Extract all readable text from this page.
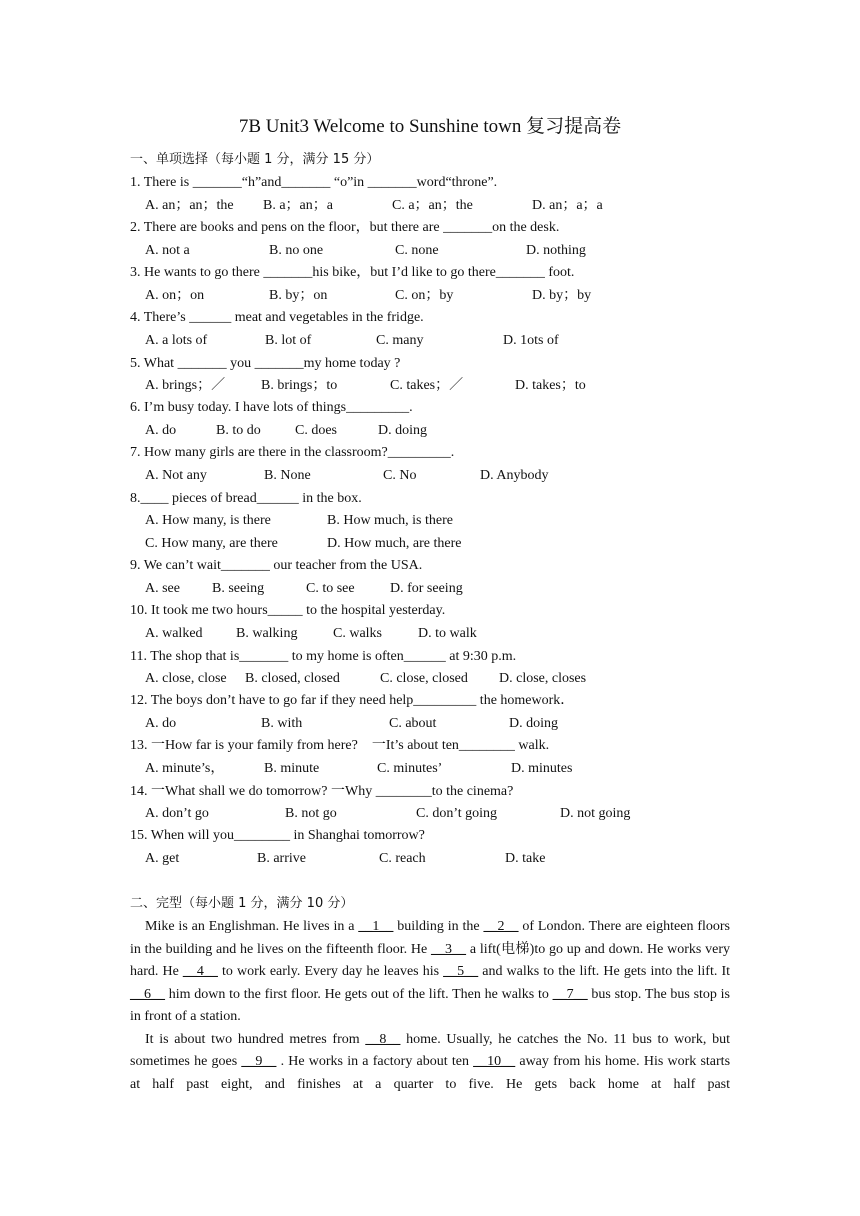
7B Unit3 Welcome to Sunshine town 复习提高卷
一、单项选择（每小题 1 分，满分 15 分）
1. There is _______“h”and_______ “o”in _______word“throne”.
A. an；an；the B. a；an；a	C. a；an；the	D. an；a；a
2. There are books and pens on the floor，but there are _______on the desk.
A. not a	B. no one	C. none	D. nothing
3. He wants to go there _______his bike，but I’d like to go there_______ foot.
A. on；on	B. by；on	C. on；by	D. by；by
4. There’s ______ meat and vegetables in the fridge.
A. a lots of	B. lot of	C. many	D. 1ots of
5. What _______ you _______my home today ?
A. brings；／	B. brings；to	C. takes；／	D. takes；to
6. I’m busy today. I have lots of things_________.
A. do	B. to do C. does	D. doing
7. How many girls are there in the classroom?_________.
A. Not any	B. None	C. No	D. Anybody
8.____ pieces of bread______ in the box.
A. How many, is there	B. How much, is there
C. How many, are there	D. How much, are there
9. We can’t wait_______ our teacher from the USA.
A. see B. seeing	C. to see	D. for seeing
10. It took me two hours_____ to the hospital yesterday.
A. walked B. walking	C. walks	D. to walk
11. The shop that is_______ to my home is often______ at 9:30 p.m.
A. close, close B. closed, closed	C. close, closed D. close, closes
12. The boys don’t have to go far if they need help_________ the homework．
A. do	B. with	C. about	D. doing
13. 一How far is your family from here?　一It’s about ten________ walk.
A. minute’s，	B. minute	C. minutes’	D. minutes
14. 一What shall we do tomorrow? 一Why ________to the cinema?
A. don’t go	B. not go	C. don’t going	D. not going
15. When will you________ in Shanghai tomorrow?
A. get	B. arrive	C. reach	D. take
二、完型（每小题 1 分，满分 10 分）

Mike is an Englishman. He lives in a __1__ building in the __2__ of London. There are eighteen floors in the building and he lives on the fifteenth floor. He __3__ a lift(电梯)to go up and down. He works very hard. He __4__ to work early. Every day he leaves his __5__ and walks to the lift. He gets into the lift. It __6__ him down to the first floor. He gets out of the lift. Then he walks to __7__ bus stop. The bus stop is in front of a station.

It is about two hundred metres from __8__ home. Usually, he catches the No. 11 bus to work, but sometimes he goes __9__ . He works in a factory about ten __10__ away from his home. His work starts at half past eight, and finishes at a quarter to five. He gets back home at half past
